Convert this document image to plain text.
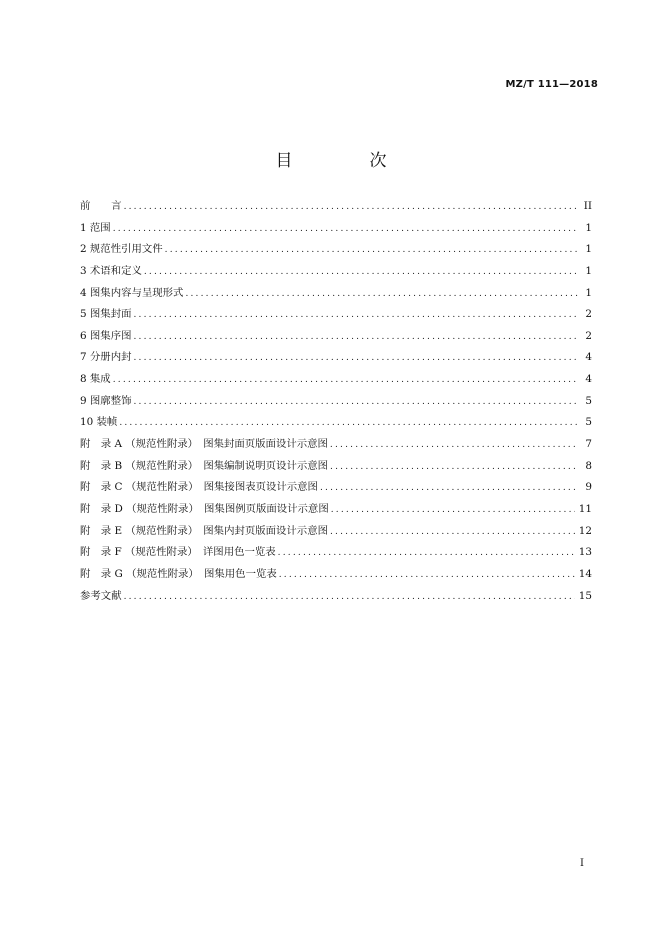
MZ/T 111—2018
目　次
前　　言 .....	II
1 范围 .....	1
2 规范性引用文件 .....	1
3 术语和定义 .....	1
4 图集内容与呈现形式 .....	1
5 图集封面 .....	2
6 图集序图 .....	2
7 分册内封 .....	4
8 集成 .....	4
9 图廓整饰 .....	5
10 装帧 .....	5
附　录 A （规范性附录）　图集封面页版面设计示意图 .....	7
附　录 B （规范性附录）　图集编制说明页设计示意图 .....	8
附　录 C （规范性附录）　图集接图表页设计示意图 .....	9
附　录 D （规范性附录）　图集图例页版面设计示意图 .....	11
附　录 E （规范性附录）　图集内封页版面设计示意图 .....	12
附　录 F （规范性附录）　详图用色一览表 .....	13
附　录 G （规范性附录）　图集用色一览表 .....	14
参考文献 .....	15
I
